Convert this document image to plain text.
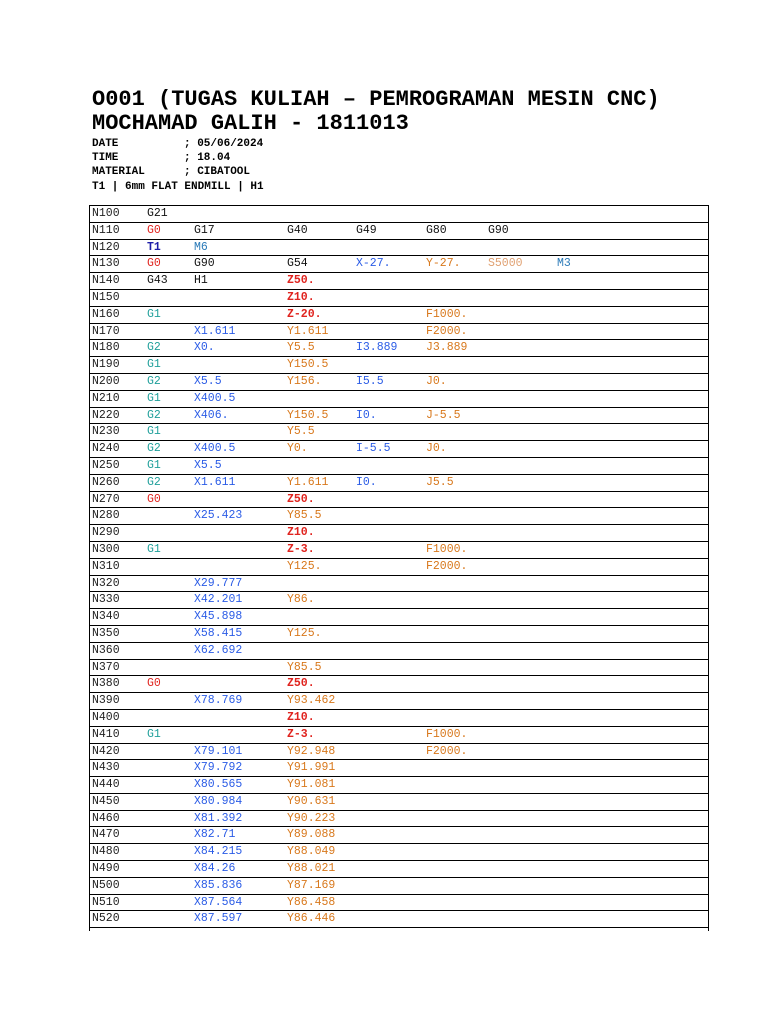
O001 (TUGAS KULIAH – PEMROGRAMAN MESIN CNC)
MOCHAMAD GALIH - 1811013
DATE	; 05/06/2024
TIME	; 18.04
MATERIAL	; CIBATOOL
T1 | 6mm FLAT ENDMILL | H1
N100 G21
N110 G0	G17	G40	G49	G80	G90
N120 T1	M6
N130 G0	G90	G54	X-27.	Y-27. S5000	M3
N140 G43 H1	Z50.
N150	Z10.
N160 G1	Z-20.	F1000.
N170	X1.611	Y1.611	F2000.
N180 G2	X0.	Y5.5	I3.889 J3.889
N190 G1	Y150.5
N200 G2	X5.5	Y156.	I5.5	J0.
N210 G1	X400.5
N220 G2	X406.	Y150.5 I0.	J-5.5
N230 G1	Y5.5
N240 G2	X400.5	Y0.	I-5.5	J0.
N250 G1	X5.5
N260 G2	X1.611	Y1.611 I0.	J5.5
N270 G0	Z50.
N280	X25.423	Y85.5
N290	Z10.
N300 G1	Z-3.	F1000.
N310	Y125.	F2000.
N320	X29.777
N330	X42.201	Y86.
N340	X45.898
N350	X58.415	Y125.
N360	X62.692
N370	Y85.5
N380 G0	Z50.
N390	X78.769	Y93.462
N400	Z10.
N410 G1	Z-3.	F1000.
N420	X79.101	Y92.948	F2000.
N430	X79.792	Y91.991
N440	X80.565	Y91.081
N450	X80.984	Y90.631
N460	X81.392	Y90.223
N470	X82.71	Y89.088
N480	X84.215	Y88.049
N490	X84.26	Y88.021
N500	X85.836	Y87.169
N510	X87.564	Y86.458
N520	X87.597	Y86.446
